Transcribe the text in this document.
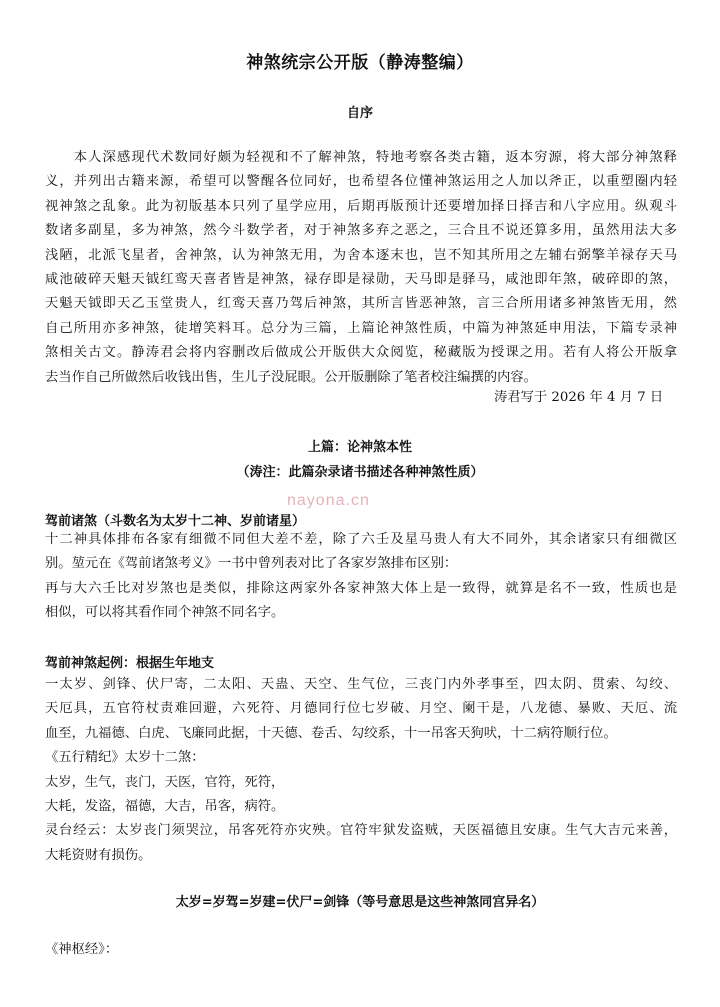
神煞统宗公开版（静涛整编）
自序
　　本人深感现代术数同好颇为轻视和不了解神煞，特地考察各类古籍，返本穷源，将大部分神煞释
义，并列出古籍来源，希望可以警醒各位同好，也希望各位懂神煞运用之人加以斧正，以重塑圈内轻
视神煞之乱象。此为初版基本只列了星学应用，后期再版预计还要增加择日择吉和八字应用。纵观斗
数诸多副星，多为神煞，然今斗数学者，对于神煞多弃之恶之，三合且不说还算多用，虽然用法大多
浅陋，北派飞星者，舍神煞，认为神煞无用，为舍本逐末也，岂不知其所用之左辅右弼擎羊禄存天马
咸池破碎天魁天钺红鸾天喜者皆是神煞，禄存即是禄勋，天马即是驿马，咸池即年煞，破碎即的煞，
天魁天钺即天乙玉堂贵人，红鸾天喜乃驾后神煞，其所言皆恶神煞，言三合所用诸多神煞皆无用，然
自己所用亦多神煞，徒增笑料耳。总分为三篇，上篇论神煞性质，中篇为神煞延申用法，下篇专录神
煞相关古文。静涛君会将内容删改后做成公开版供大众阅览，秘藏版为授课之用。若有人将公开版拿
去当作自己所做然后收钱出售，生儿子没屁眼。公开版删除了笔者校注编撰的内容。
涛君写于 2026 年 4 月 7 日
上篇：论神煞本性
（涛注：此篇杂录诸书描述各种神煞性质）
nayona.cn
驾前诸煞（斗数名为太岁十二神、岁前诸星）
十二神具体排布各家有细微不同但大差不差，除了六壬及星马贵人有大不同外，其余诸家只有细微区
别。堃元在《驾前诸煞考义》一书中曾列表对比了各家岁煞排布区别：
再与大六壬比对岁煞也是类似，排除这两家外各家神煞大体上是一致得，就算是名不一致，性质也是
相似，可以将其看作同个神煞不同名字。
驾前神煞起例：根据生年地支
一太岁、剑锋、伏尸寄，二太阳、天蛊、天空、生气位，三丧门内外孝事至，四太阴、贯索、勾绞、
天厄具，五官符杖责难回避，六死符、月德同行位七岁破、月空、阑干是，八龙德、暴败、天厄、流
血至，九福德、白虎、飞廉同此据，十天德、卷舌、勾绞系，十一吊客天狗吠，十二病符顺行位。
《五行精纪》太岁十二煞：
太岁，生气，丧门，天医，官符，死符，
大耗，发盗，福德，大吉，吊客，病符。
灵台经云：太岁丧门须哭泣，吊客死符亦灾殃。官符牢狱发盗贼，天医福德且安康。生气大吉元来善，
大耗资财有损伤。
太岁=岁驾=岁建=伏尸=剑锋（等号意思是这些神煞同宫异名）
《神枢经》：
